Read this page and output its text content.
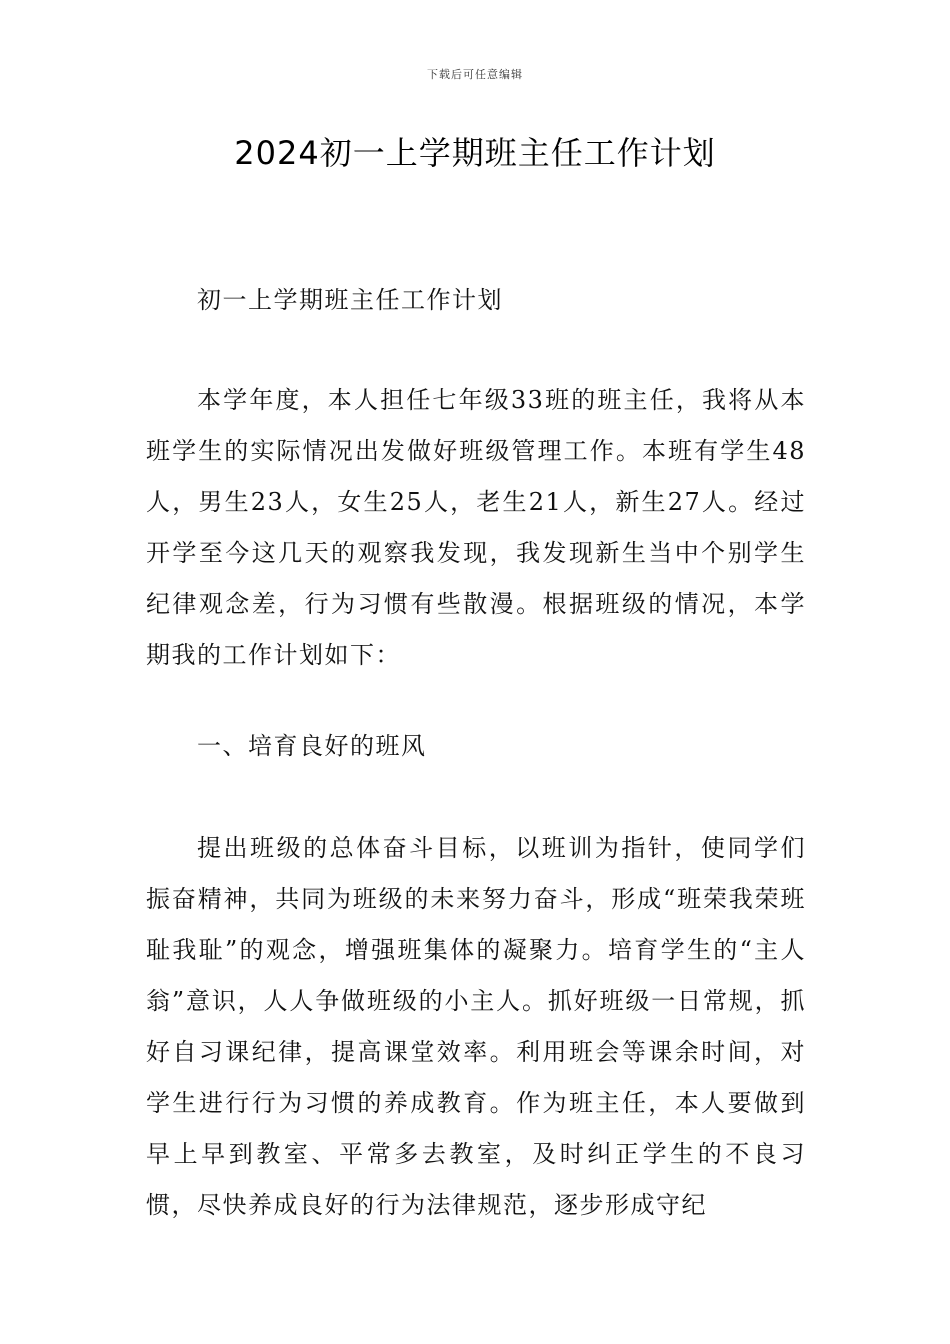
下载后可任意编辑
2024初一上学期班主任工作计划

初一上学期班主任工作计划

本学年度，本人担任七年级33班的班主任，我将从本班学生的实际情况出发做好班级管理工作。本班有学生48人，男生23人，女生25人，老生21人，新生27人。经过开学至今这几天的观察我发现，我发现新生当中个别学生纪律观念差，行为习惯有些散漫。根据班级的情况，本学期我的工作计划如下：

一、培育良好的班风

提出班级的总体奋斗目标，以班训为指针，使同学们振奋精神，共同为班级的未来努力奋斗，形成“班荣我荣班耻我耻”的观念，增强班集体的凝聚力。培育学生的“主人翁”意识，人人争做班级的小主人。抓好班级一日常规，抓好自习课纪律，提高课堂效率。利用班会等课余时间，对学生进行行为习惯的养成教育。作为班主任，本人要做到早上早到教室、平常多去教室，及时纠正学生的不良习惯，尽快养成良好的行为法律规范，逐步形成守纪
